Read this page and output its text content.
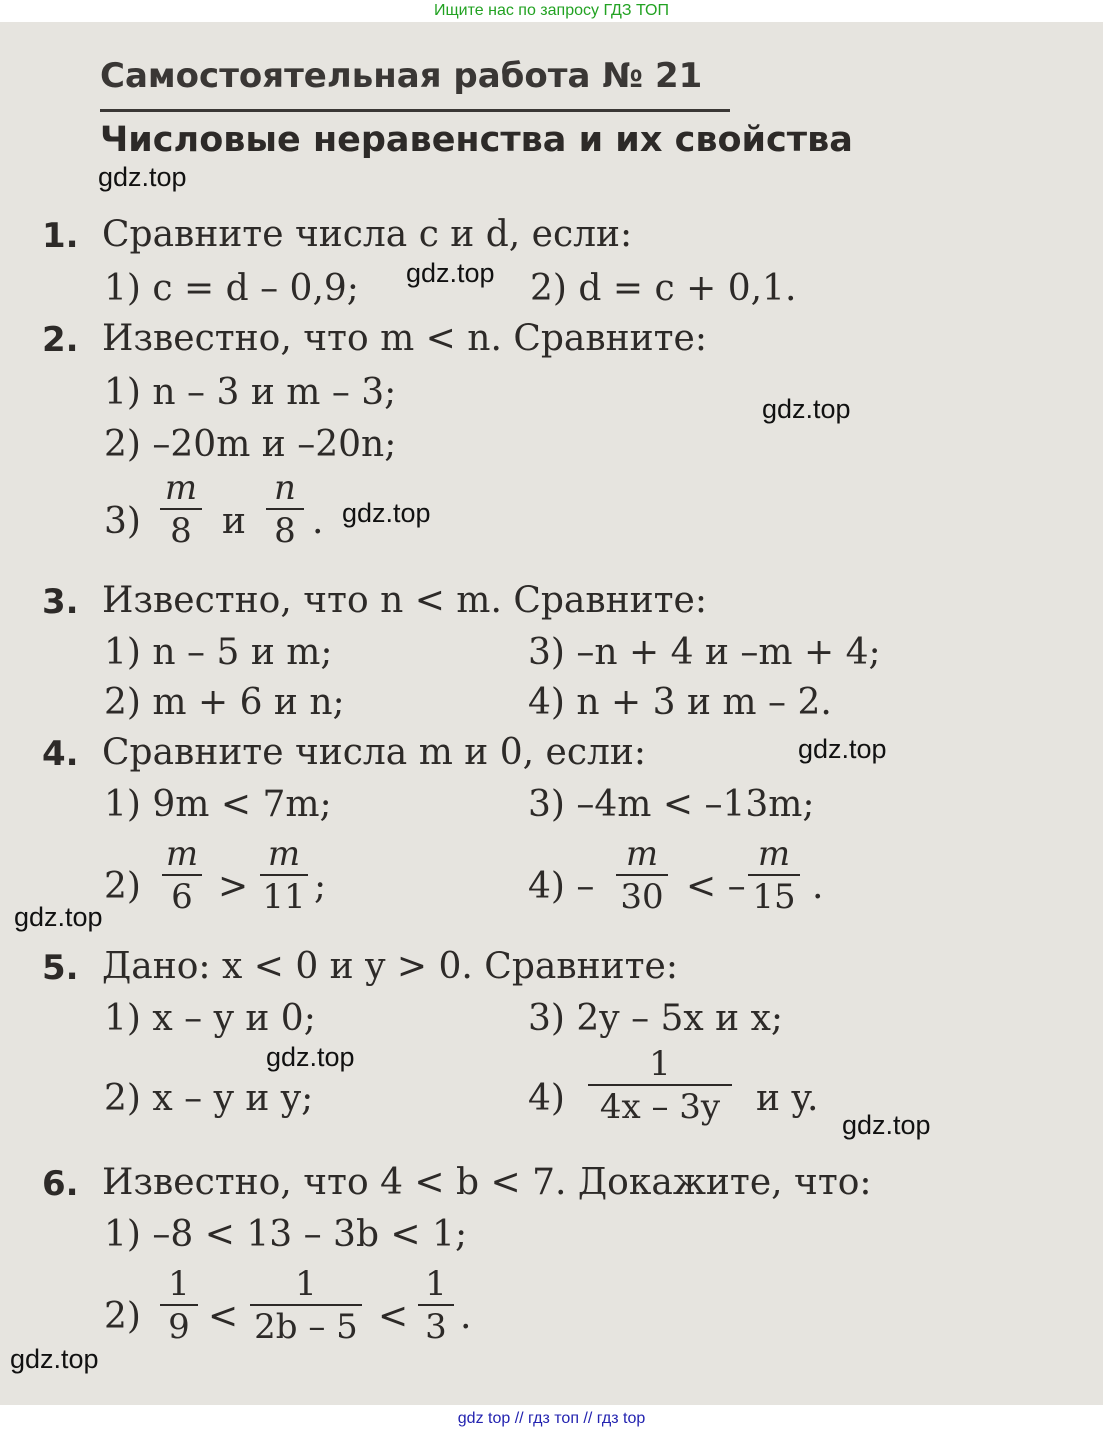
Ищите нас по запросу ГДЗ ТОП
Самостоятельная работа № 21
Числовые неравенства и их свойства
gdz.top
gdz.top
gdz.top
gdz.top
gdz.top
gdz.top
gdz.top
gdz.top
gdz.top
1. Сравните числа c и d, если:
1) c = d – 0,9;	2) d = c + 0,1.
2. Известно, что m < n. Сравните:
1) n – 3 и m – 3;
2) –20m и –20n;
3)
m
8 и
n
8 .
3. Известно, что n < m. Сравните:
1) n – 5 и m;	3) –n + 4 и –m + 4;
2) m + 6 и n;	4) n + 3 и m – 2.
4. Сравните числа m и 0, если:
1) 9m < 7m;	3) –4m < –13m;
2)
m
6 >
m
11 ;	4) –
m
30 < –
m
15 .
5. Дано: x < 0 и y > 0. Сравните:
1) x – y и 0;	3) 2y – 5x и x;
2) x – y и y;	4)
1
4x – 3y и y.
6. Известно, что 4 < b < 7. Докажите, что:
1) –8 < 13 – 3b < 1;
2)
1
9 <
1
2b – 5 <
1
3 .
gdz top // гдз топ // гдз top
